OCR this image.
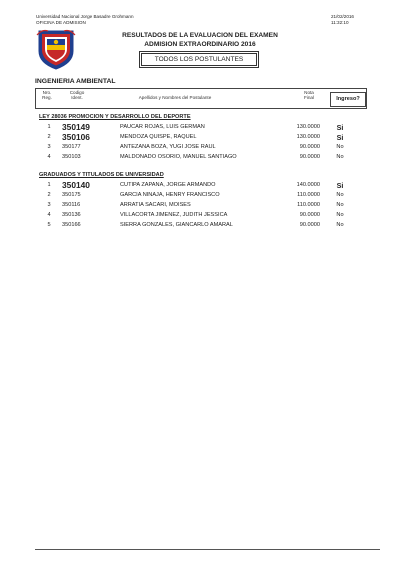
Universidad Nacional Jorge Basadre Grohmann
OFICINA DE ADMISION
21/02/2016
11:32:10
RESULTADOS DE LA EVALUACION DEL EXAMEN
ADMISION EXTRAORDINARIO 2016
TODOS LOS POSTULANTES
INGENIERIA AMBIENTAL
Nro.
Reg.
Codigo
Ident.	Apellidos y Nombres del Postulante
Nota
Final	Ingreso?
LEY 28036 PROMOCION Y DESARROLLO DEL DEPORTE
1	350149	PAUCAR ROJAS, LUIS GERMAN	130.0000	Si
2	350106	MENDOZA QUISPE, RAQUEL	130.0000	Si
3	350177	ANTEZANA BOZA, YUGI JOSE RAUL	90.0000	No
4	350103	MALDONADO OSORIO, MANUEL SANTIAGO	90.0000	No
GRADUADOS Y TITULADOS DE UNIVERSIDAD
1	350140	CUTIPA ZAPANA, JORGE ARMANDO	140.0000	Si
2	350175	GARCIA NINAJA, HENRY FRANCISCO	110.0000	No
3	350116	ARRATIA SACARI, MOISES	110.0000	No
4	350136	VILLACORTA JIMENEZ, JUDITH JESSICA	90.0000	No
5	350166	SIERRA GONZALES, GIANCARLO AMARAL	90.0000	No
